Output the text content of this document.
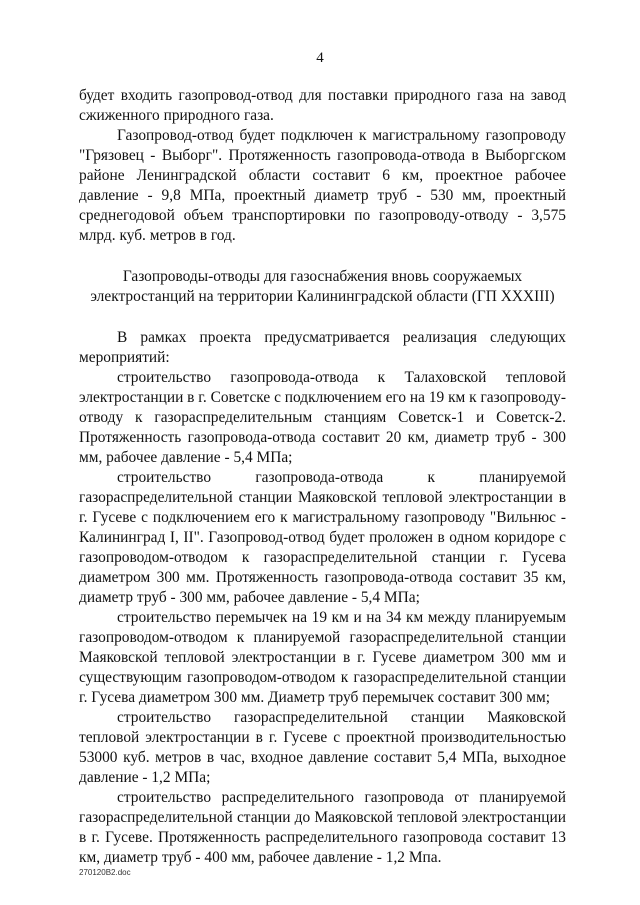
4

будет входить газопровод-отвод для поставки природного газа на завод сжиженного природного газа.

Газопровод-отвод будет подключен к магистральному газопроводу "Грязовец - Выборг". Протяженность газопровода-отвода в Выборгском районе Ленинградской области составит 6 км, проектное рабочее давление - 9,8 МПа, проектный диаметр труб - 530 мм, проектный среднегодовой объем транспортировки по газопроводу-отводу - 3,575 млрд. куб. метров в год.

Газопроводы-отводы для газоснабжения вновь сооружаемых
электростанций на территории Калининградской области (ГП XXXIII)

В рамках проекта предусматривается реализация следующих мероприятий:

строительство газопровода-отвода к Талаховской тепловой электростанции в г. Советске с подключением его на 19 км к газопроводу-отводу к газораспределительным станциям Советск-1 и Советск-2. Протяженность газопровода-отвода составит 20 км, диаметр труб - 300 мм, рабочее давление - 5,4 МПа;

строительство газопровода-отвода к планируемой газораспределительной станции Маяковской тепловой электростанции в г. Гусеве с подключением его к магистральному газопроводу "Вильнюс - Калининград I, II". Газопровод-отвод будет проложен в одном коридоре с газопроводом-отводом к газораспределительной станции г. Гусева диаметром 300 мм. Протяженность газопровода-отвода составит 35 км, диаметр труб - 300 мм, рабочее давление - 5,4 МПа;

строительство перемычек на 19 км и на 34 км между планируемым газопроводом-отводом к планируемой газораспределительной станции Маяковской тепловой электростанции в г. Гусеве диаметром 300 мм и существующим газопроводом-отводом к газораспределительной станции г. Гусева диаметром 300 мм. Диаметр труб перемычек составит 300 мм;

строительство газораспределительной станции Маяковской тепловой электростанции в г. Гусеве с проектной производительностью 53000 куб. метров в час, входное давление составит 5,4 МПа, выходное давление - 1,2 МПа;

строительство распределительного газопровода от планируемой газораспределительной станции до Маяковской тепловой электростанции в г. Гусеве. Протяженность распределительного газопровода составит 13 км, диаметр труб - 400 мм, рабочее давление - 1,2 Мпа.

270120B2.doc
